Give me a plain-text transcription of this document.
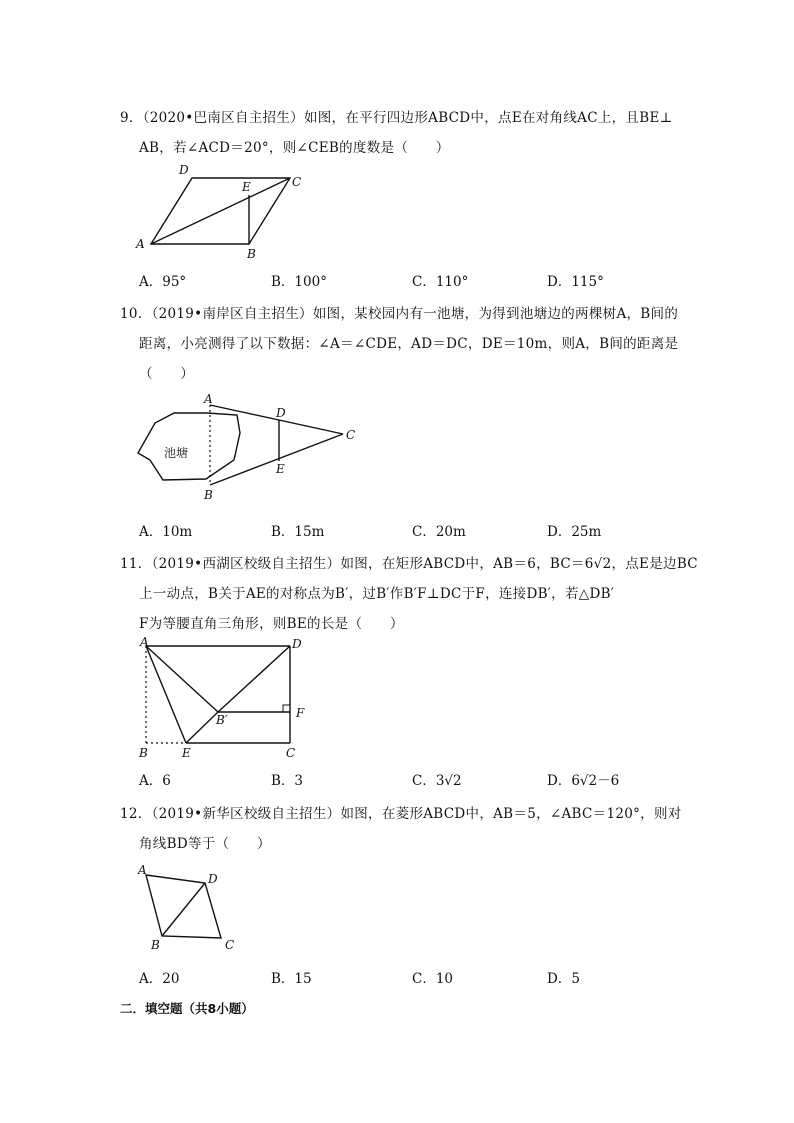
9．（2020•巴南区自主招生）如图，在平行四边形ABCD中，点E在对角线AC上，且BE⊥
AB，若∠ACD＝20°，则∠CEB的度数是（　　）
D
C
E
A
B
A．95°	B．100°	C．110°	D．115°
10．（2019•南岸区自主招生）如图，某校园内有一池塘，为得到池塘边的两棵树A，B间的
距离，小亮测得了以下数据：∠A＝∠CDE，AD＝DC，DE＝10m，则A，B间的距离是
（　　）
A
B
D
E
C
池塘
A．10m	B．15m	C．20m	D．25m
11．（2019•西湖区校级自主招生）如图，在矩形ABCD中，AB＝6，BC＝6√2，点E是边BC
上一动点，B关于AE的对称点为B′，过B′作B′F⊥DC于F，连接DB′，若△DB′
F为等腰直角三角形，则BE的长是（　　）
A	D
F
B′
B	E	C
A．6	B．3	C．3√2	D．6√2－6
12．（2019•新华区校级自主招生）如图，在菱形ABCD中，AB＝5，∠ABC＝120°，则对
角线BD等于（　　）
A
D
B	C
A．20	B．15	C．10	D．5
二．填空题（共8小题）
